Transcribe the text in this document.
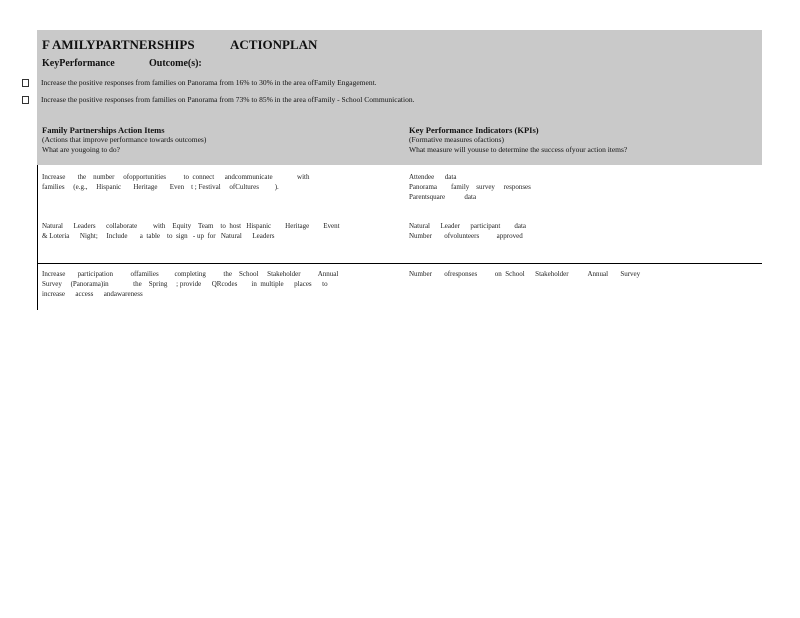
F AMILYPARTNERSHIPS	ACTIONPLAN
KeyPerformance	Outcome(s):
Increase the positive responses from families on Panorama from 16% to 30% in the area ofFamily Engagement.
Increase the positive responses from families on Panorama from 73% to 85% in the area ofFamily - School Communication.
Family Partnerships Action Items
(Actions that improve performance towards outcomes)
What are yougoing to do?
Key Performance Indicators (KPIs)
(Formative measures ofactions)
What measure will youuse to determine the success ofyour action items?
Increase       the    number     ofopportunities          to  connect      andcommunicate              with
families     (e.g.,     Hispanic       Heritage       Even    t ; Festival     ofCultures         ).
Attendee      data
Panorama        family    survey     responses
Parentsquare           data
Natural      Leaders      collaborate         with    Equity    Team    to  host   Hispanic        Heritage        Event
& Loteria      Night;     Include       a  table    to  sign   - up  for   Natural      Leaders
Natural      Leader      participant        data
Number       ofvolunteers          approved
Increase       participation          offamilies         completing          the    School     Stakeholder          Annual
Survey     (Panorama)in              the    Spring     ; provide      QRcodes        in  multiple      places      to
increase      access      andawareness
Number       ofresponses          on  School      Stakeholder           Annual       Survey
